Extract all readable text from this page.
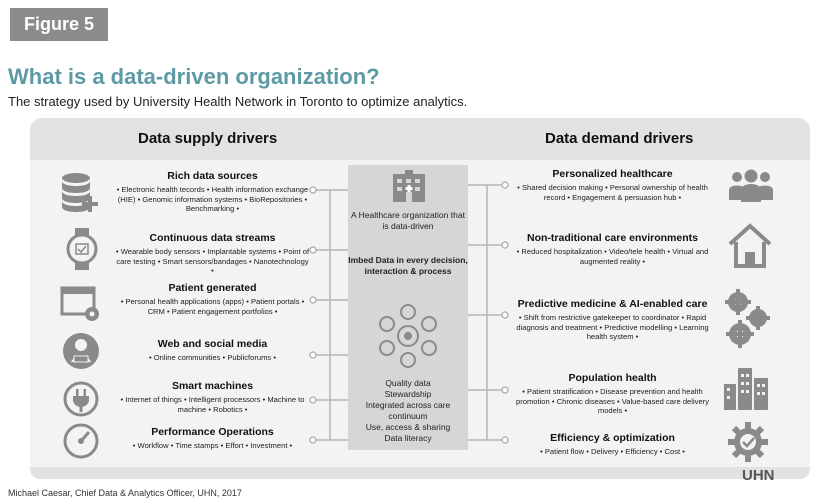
Figure 5
What is a data-driven organization?
The strategy used by University Health Network in Toronto to optimize analytics.
Data supply drivers	Data demand drivers
A Healthcare organization that is data-driven
Imbed Data in every decision, interaction & process
Quality data
Stewardship
Integrated across care continuum
Use, access & sharing
Data literacy
Rich data sources
• Electronic health tecords • Health information exchange (HIE) • Genomic information systems • BioRepositories • Benchmarking •
Continuous data streams
• Wearable body sensors • Implantable systems • Point of care testing • Smart sensors/bandages • Nanotechnology •
Patient generated
• Personal health applications (apps) • Patient portals • CRM • Patient engagement portfolios •
Web and social media
• Online communities • Publicforums •
Smart machines
• Internet of things • Intelligent processors • Machine to machine • Robotics •
Performance Operations
• Workflow • Time stamps • Effort • Investment •
Personalized healthcare
• Shared decision making • Personal ownership of health record • Engagement & persuasion hub •
Non-traditional care environments
• Reduced hospitalization • Video/tele health • Virtual and augmented reality •
Predictive medicine & AI-enabled care
• Shift from restrictive gatekeeper to coordinator • Rapid diagnosis and treatment • Predictive modelling • Learning health system •
Population health
• Patient stratification • Disease prevention and health promotion • Chronic diseases • Value-based care delivery models •
Efficiency & optimization
• Patient flow • Delivery • Efficiency • Cost •
UHN
Michael Caesar, Chief Data & Analytics Officer, UHN, 2017
